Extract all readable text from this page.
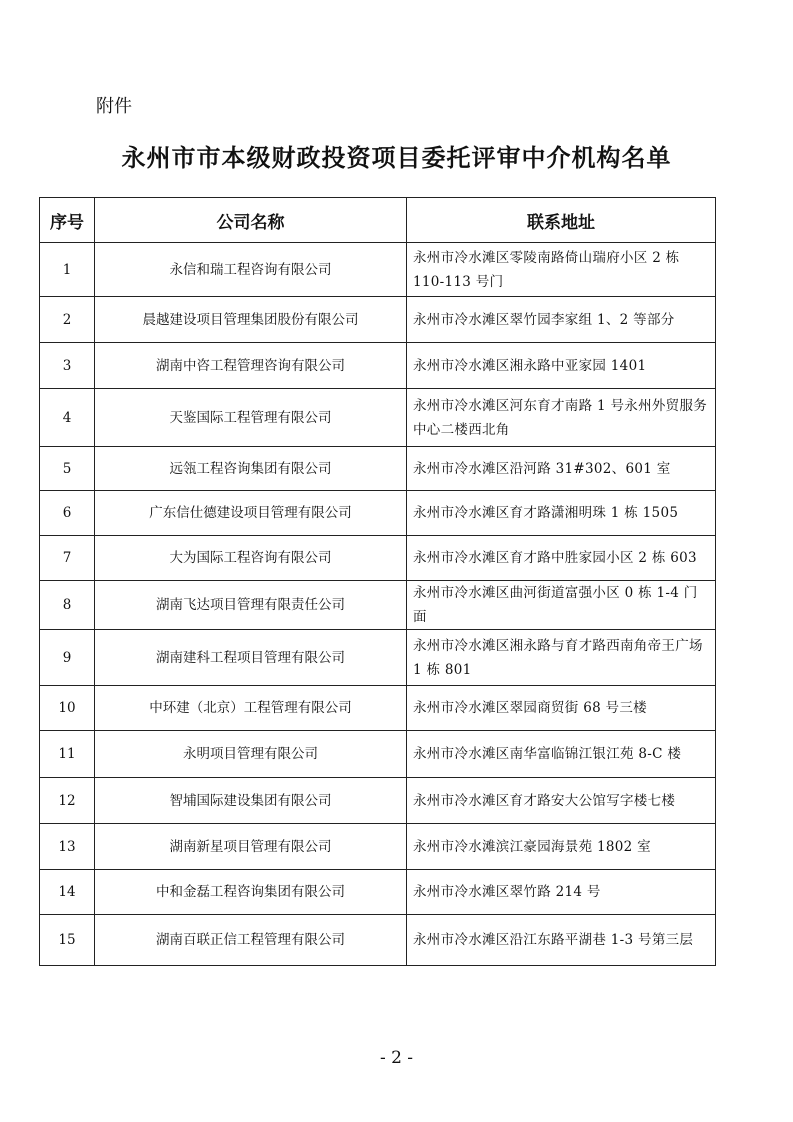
附件
永州市市本级财政投资项目委托评审中介机构名单
序号	公司名称	联系地址
1	永信和瑞工程咨询有限公司	永州市冷水滩区零陵南路倚山瑞府小区 2 栋 110-113 号门
2	晨越建设项目管理集团股份有限公司	永州市冷水滩区翠竹园李家组 1、2 等部分
3	湖南中咨工程管理咨询有限公司	永州市冷水滩区湘永路中亚家园 1401
4	天鉴国际工程管理有限公司	永州市冷水滩区河东育才南路 1 号永州外贸服务中心二楼西北角
5	远瓴工程咨询集团有限公司	永州市冷水滩区沿河路 31#302、601 室
6	广东信仕德建设项目管理有限公司	永州市冷水滩区育才路潇湘明珠 1 栋 1505
7	大为国际工程咨询有限公司	永州市冷水滩区育才路中胜家园小区 2 栋 603
8	湖南飞达项目管理有限责任公司	永州市冷水滩区曲河街道富强小区 0 栋 1-4 门面
9	湖南建科工程项目管理有限公司	永州市冷水滩区湘永路与育才路西南角帝王广场 1 栋 801
10	中环建（北京）工程管理有限公司	永州市冷水滩区翠园商贸街 68 号三楼
11	永明项目管理有限公司	永州市冷水滩区南华富临锦江银江苑 8-C 楼
12	智埔国际建设集团有限公司	永州市冷水滩区育才路安大公馆写字楼七楼
13	湖南新星项目管理有限公司	永州市冷水滩滨江豪园海景苑 1802 室
14	中和金磊工程咨询集团有限公司	永州市冷水滩区翠竹路 214 号
15	湖南百联正信工程管理有限公司	永州市冷水滩区沿江东路平湖巷 1-3 号第三层
- 2 -
